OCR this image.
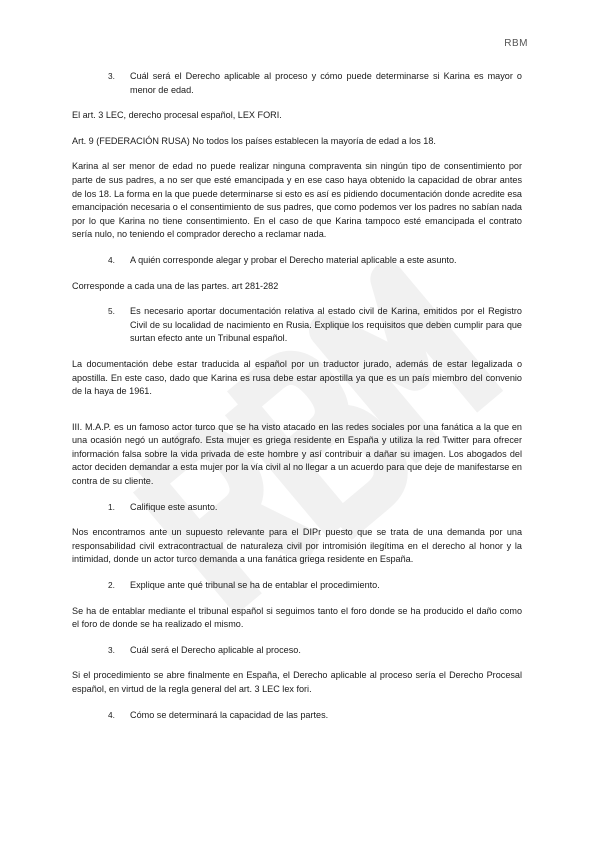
RBM
3. Cuál será el Derecho aplicable al proceso y cómo puede determinarse si Karina es mayor o menor de edad.

El art. 3 LEC, derecho procesal español, LEX FORI.

Art. 9 (FEDERACIÓN RUSA) No todos los países establecen la mayoría de edad a los 18.

Karina al ser menor de edad no puede realizar ninguna compraventa sin ningún tipo de consentimiento por parte de sus padres, a no ser que esté emancipada y en ese caso haya obtenido la capacidad de obrar antes de los 18. La forma en la que puede determinarse si esto es así es pidiendo documentación donde acredite esa emancipación necesaria o el consentimiento de sus padres, que como podemos ver los padres no sabían nada por lo que Karina no tiene consentimiento. En el caso de que Karina tampoco esté emancipada el contrato sería nulo, no teniendo el comprador derecho a reclamar nada.

4. A quién corresponde alegar y probar el Derecho material aplicable a este asunto.

Corresponde a cada una de las partes. art 281-282

5. Es necesario aportar documentación relativa al estado civil de Karina, emitidos por el Registro Civil de su localidad de nacimiento en Rusia. Explique los requisitos que deben cumplir para que surtan efecto ante un Tribunal español.

La documentación debe estar traducida al español por un traductor jurado, además de estar legalizada o apostilla. En este caso, dado que Karina es rusa debe estar apostilla ya que es un país miembro del convenio de la haya de 1961.

III. M.A.P. es un famoso actor turco que se ha visto atacado en las redes sociales por una fanática a la que en una ocasión negó un autógrafo. Esta mujer es griega residente en España y utiliza la red Twitter para ofrecer información falsa sobre la vida privada de este hombre y así contribuir a dañar su imagen. Los abogados del actor deciden demandar a esta mujer por la vía civil al no llegar a un acuerdo para que deje de manifestarse en contra de su cliente.

1. Califique este asunto.

Nos encontramos ante un supuesto relevante para el DIPr puesto que se trata de una demanda por una responsabilidad civil extracontractual de naturaleza civil por intromisión ilegítima en el derecho al honor y la intimidad, donde un actor turco demanda a una fanática griega residente en España.

2. Explique ante qué tribunal se ha de entablar el procedimiento.

Se ha de entablar mediante el tribunal español si seguimos tanto el foro donde se ha producido el daño como el foro de donde se ha realizado el mismo.

3. Cuál será el Derecho aplicable al proceso.

Si el procedimiento se abre finalmente en España, el Derecho aplicable al proceso sería el Derecho Procesal español, en virtud de la regla general del art. 3 LEC lex fori.

4. Cómo se determinará la capacidad de las partes.
